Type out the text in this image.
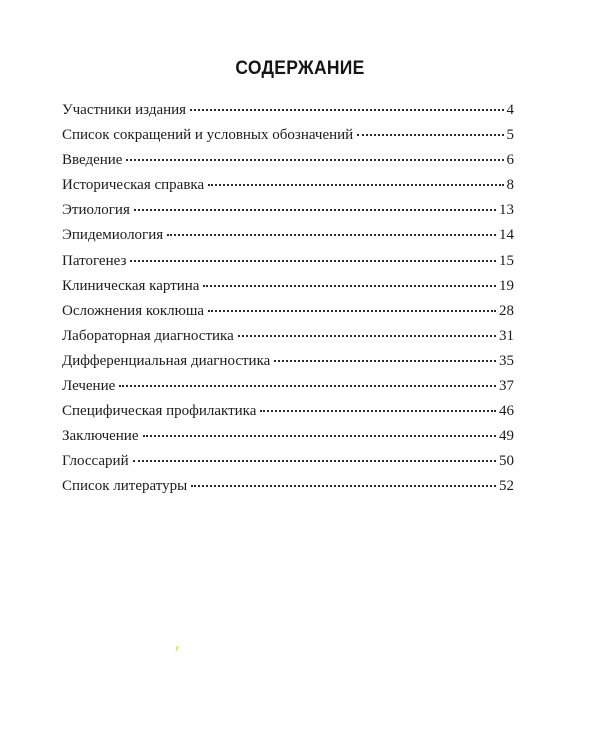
СОДЕРЖАНИЕ
Участники издания	4
Список сокращений и условных обозначений	5
Введение	6
Историческая справка	8
Этиология	13
Эпидемиология	14
Патогенез	15
Клиническая картина	19
Осложнения коклюша	28
Лабораторная диагностика	31
Дифференциальная диагностика	35
Лечение	37
Специфическая профилактика	46
Заключение	49
Глоссарий	50
Список литературы	52
